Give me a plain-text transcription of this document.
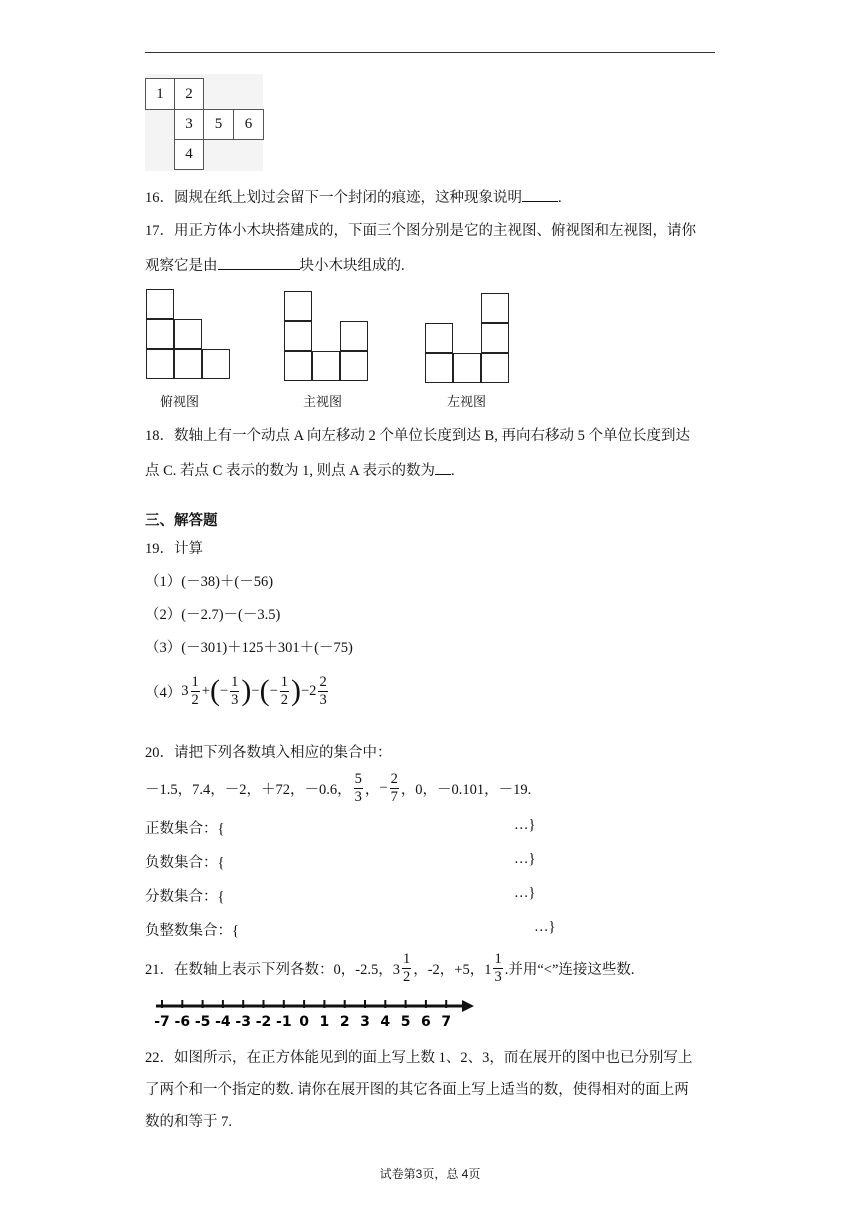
1 2
3 5 6
4
16．圆规在纸上划过会留下一个封闭的痕迹，这种现象说明 .
17．用正方体小木块搭建成的，下面三个图分别是它的主视图、俯视图和左视图，请你
观察它是由	块小木块组成的.
俯视图	主视图	左视图
18．数轴上有一个动点 A 向左移动 2 个单位长度到达 B, 再向右移动 5 个单位长度到达
点 C. 若点 C 表示的数为 1, 则点 A 表示的数为 .
三、解答题
19．计算
（1）(－38)＋(－56)
（2）(－2.7)－(－3.5)
（3）(－301)＋125＋301＋(－75)
（4） $3 \frac{1}{2}$ + ( − $\frac{1}{3}$ ) − ( − $\frac{1}{2}$ ) $-2 \frac{2}{3}$
20．请把下列各数填入相应的集合中：
－1.5，7.4，－2，＋72，－0.6， $\frac{5}{3}$ ， − $\frac{2}{7}$ ，0，－0.101，－19.
正数集合：{	…}
负数集合：{	…}
分数集合：{	…}
负整数集合：{	…}
21．在数轴上表示下列各数：0，-2.5，$3 \frac{1}{2}$ ，-2，+5，$1 \frac{1}{3}$ .并用“<”连接这些数.
-7 -6 -5 -4 -3 -2 -1 0 1 2 3 4 5 6 7
22．如图所示，在正方体能见到的面上写上数 1、2、3，而在展开的图中也已分别写上
了两个和一个指定的数. 请你在展开图的其它各面上写上适当的数，使得相对的面上两
数的和等于 7.
试卷第3页，总 4页
